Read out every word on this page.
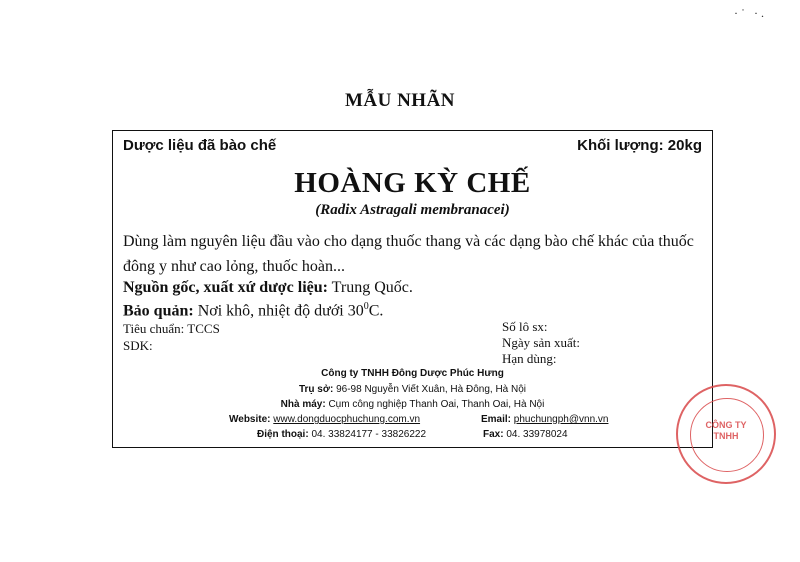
·˙ ·.
MẪU NHÃN
Dược liệu đã bào chế	Khối lượng: 20kg
HOÀNG KỲ CHẾ
(Radix Astragali membranacei)
Dùng làm nguyên liệu đầu vào cho dạng thuốc thang và các dạng bào chế khác của thuốc đông y như cao lỏng, thuốc hoàn...
Nguồn gốc, xuất xứ dược liệu: Trung Quốc.
Bảo quản: Nơi khô, nhiệt độ dưới $30^0C$.
Tiêu chuẩn: TCCS
SDK:
Số lô sx:
Ngày sản xuất:
Hạn dùng:
Công ty TNHH Đông Dược Phúc Hưng
Trụ sở: 96-98 Nguyễn Viết Xuân, Hà Đông, Hà Nội
Nhà máy: Cụm công nghiệp Thanh Oai, Thanh Oai, Hà Nội
Website: www.dongduocphuchung.com.vn	Email: phuchungph@vnn.vn
Điện thoại: 04. 33824177 - 33826222	Fax: 04. 33978024
CÔNG TY
TNHH
